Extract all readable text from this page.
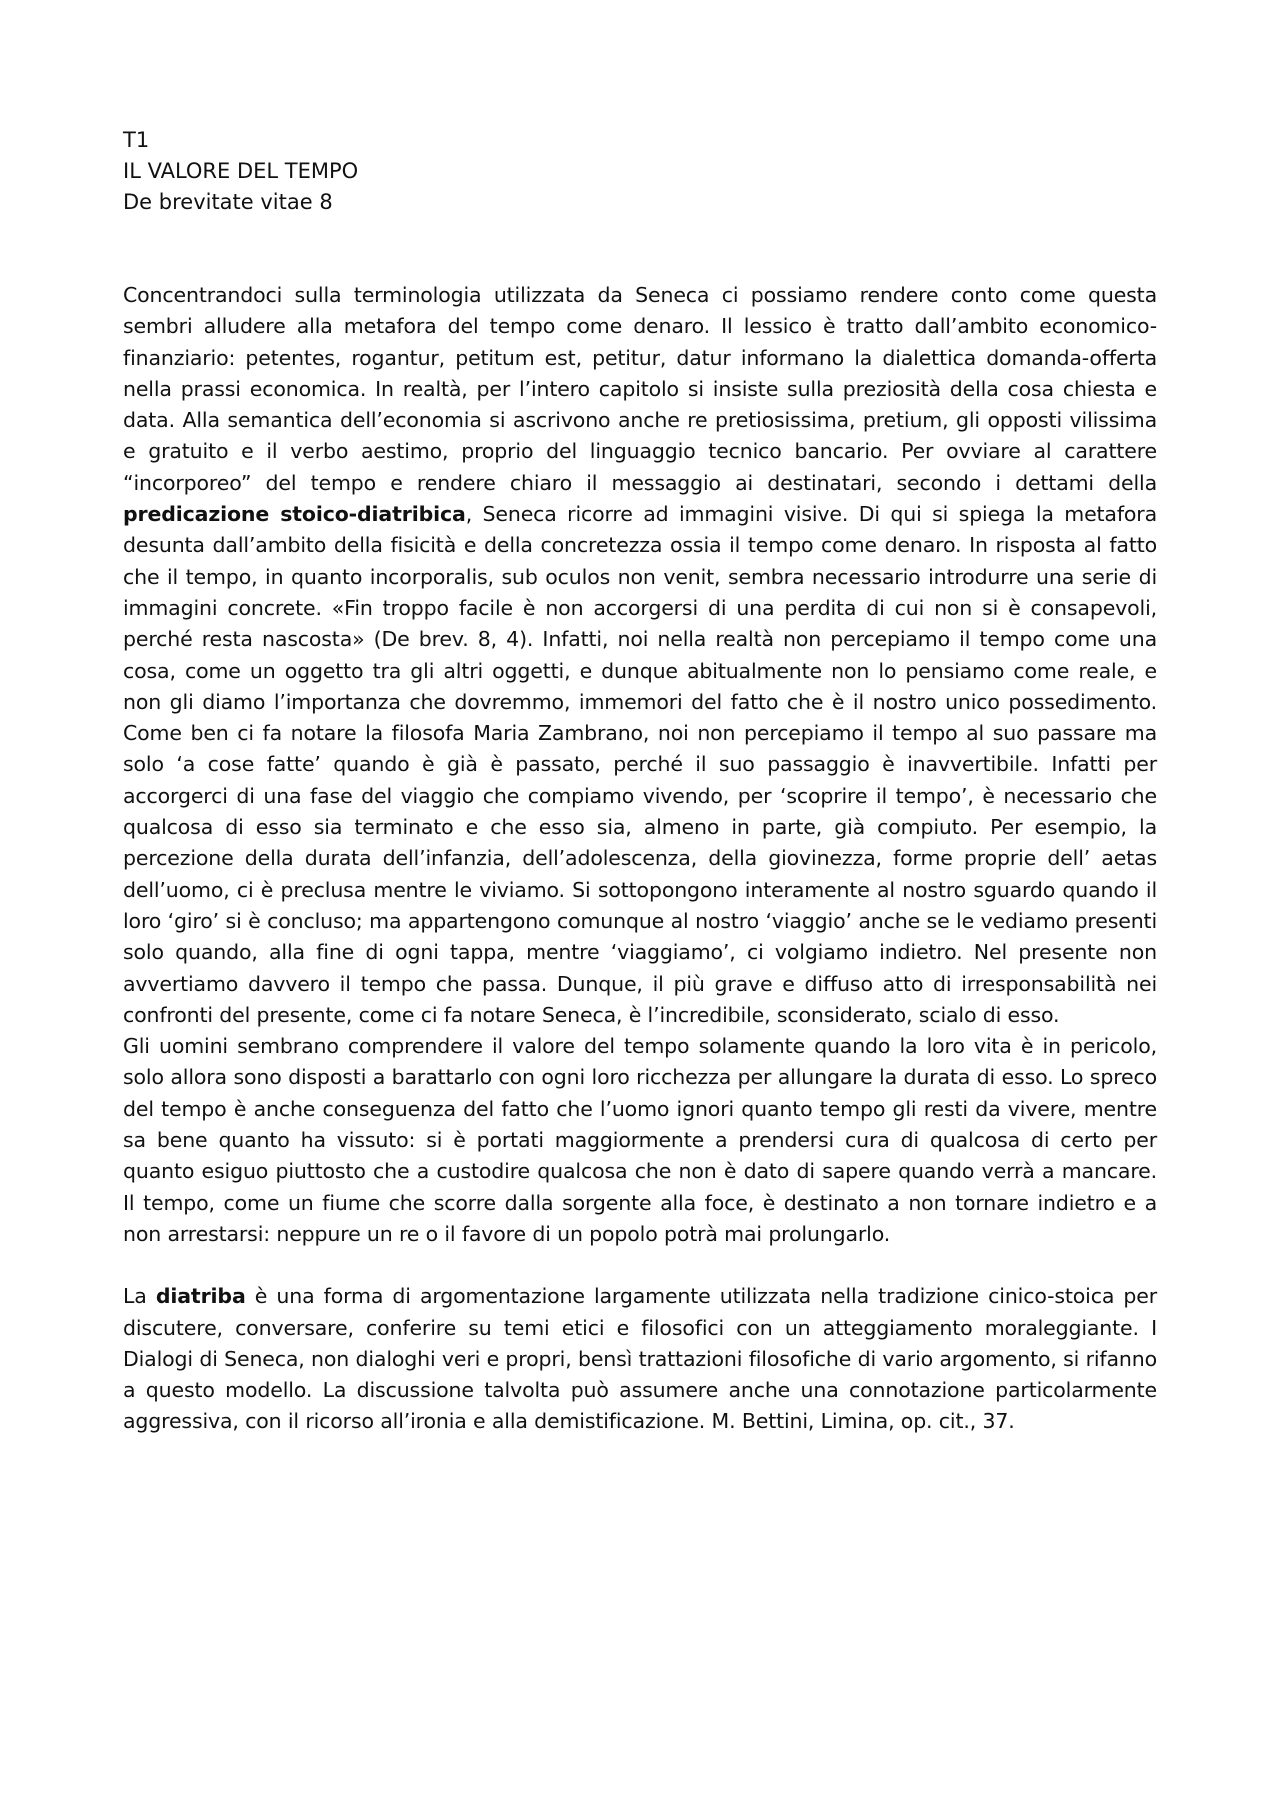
T1

IL VALORE DEL TEMPO

De brevitate vitae 8

Concentrandoci sulla terminologia utilizzata da Seneca ci possiamo rendere conto come questa sembri alludere alla metafora del tempo come denaro. Il lessico è tratto dall’ambito economico-finanziario: petentes, rogantur, petitum est, petitur, datur informano la dialettica domanda-offerta nella prassi economica. In realtà, per l’intero capitolo si insiste sulla preziosità della cosa chiesta e data. Alla semantica dell’economia si ascrivono anche re pretiosissima, pretium, gli opposti vilissima e gratuito e il verbo aestimo, proprio del linguaggio tecnico bancario. Per ovviare al carattere “incorporeo” del tempo e rendere chiaro il messaggio ai destinatari, secondo i dettami della predicazione stoico-diatribica, Seneca ricorre ad immagini visive. Di qui si spiega la metafora desunta dall’ambito della fisicità e della concretezza ossia il tempo come denaro. In risposta al fatto che il tempo, in quanto incorporalis, sub oculos non venit, sembra necessario introdurre una serie di immagini concrete. «Fin troppo facile è non accorgersi di una perdita di cui non si è consapevoli, perché resta nascosta» (De brev. 8, 4). Infatti, noi nella realtà non percepiamo il tempo come una cosa, come un oggetto tra gli altri oggetti, e dunque abitualmente non lo pensiamo come reale, e non gli diamo l’importanza che dovremmo, immemori del fatto che è il nostro unico possedimento. Come ben ci fa notare la filosofa Maria Zambrano, noi non percepiamo il tempo al suo passare ma solo ‘a cose fatte’ quando è già è passato, perché il suo passaggio è inavvertibile. Infatti per accorgerci di una fase del viaggio che compiamo vivendo, per ‘scoprire il tempo’, è necessario che qualcosa di esso sia terminato e che esso sia, almeno in parte, già compiuto. Per esempio, la percezione della durata dell’infanzia, dell’adolescenza, della giovinezza, forme proprie dell’ aetas dell’uomo, ci è preclusa mentre le viviamo. Si sottopongono interamente al nostro sguardo quando il loro ‘giro’ si è concluso; ma appartengono comunque al nostro ‘viaggio’ anche se le vediamo presenti solo quando, alla fine di ogni tappa, mentre ‘viaggiamo’, ci volgiamo indietro. Nel presente non avvertiamo davvero il tempo che passa. Dunque, il più grave e diffuso atto di irresponsabilità nei confronti del presente, come ci fa notare Seneca, è l’incredibile, sconsiderato, scialo di esso.

Gli uomini sembrano comprendere il valore del tempo solamente quando la loro vita è in pericolo, solo allora sono disposti a barattarlo con ogni loro ricchezza per allungare la durata di esso. Lo spreco del tempo è anche conseguenza del fatto che l’uomo ignori quanto tempo gli resti da vivere, mentre sa bene quanto ha vissuto: si è portati maggiormente a prendersi cura di qualcosa di certo per quanto esiguo piuttosto che a custodire qualcosa che non è dato di sapere quando verrà a mancare. Il tempo, come un fiume che scorre dalla sorgente alla foce, è destinato a non tornare indietro e a non arrestarsi: neppure un re o il favore di un popolo potrà mai prolungarlo.

La diatriba è una forma di argomentazione largamente utilizzata nella tradizione cinico-stoica per discutere, conversare, conferire su temi etici e filosofici con un atteggiamento moraleggiante. I Dialogi di Seneca, non dialoghi veri e propri, bensì trattazioni filosofiche di vario argomento, si rifanno a questo modello. La discussione talvolta può assumere anche una connotazione particolarmente aggressiva, con il ricorso all’ironia e alla demistificazione. M. Bettini, Limina, op. cit., 37.
